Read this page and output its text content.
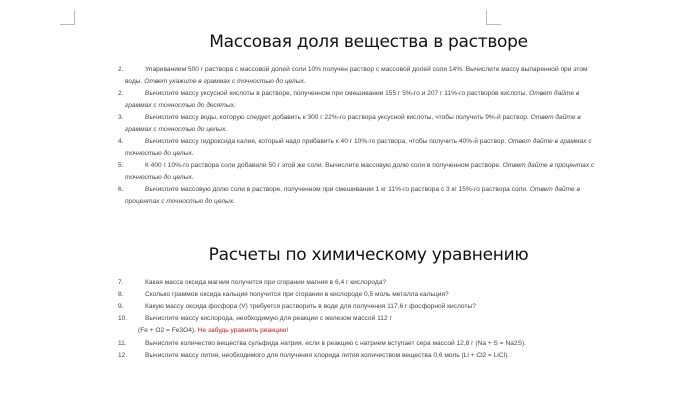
Массовая доля вещества в растворе
1.	Упариванием 500 г раствора с массовой долей соли 10% получен раствор с массовой долей соли 14%. Вычислите массу выпаренной при этом
воды. Ответ укажите в граммах с точностью до целых.
2.	Вычислите массу уксусной кислоты в растворе, полученном при смешивании 155 г 5%-го и 207 г 11%-го растворов кислоты. Ответ дайте в
граммах с точностью до десятых.
3.	Вычислите массу воды, которую следует добавить к 300 г 22%-го раствора уксусной кислоты, чтобы получить 9%-й раствор. Ответ дайте в
граммах с точностью до целых.
4.	Вычислите массу гидроксида калия, который надо прибавить к 40 г 10%-го раствора, чтобы получить 40%-й раствор. Ответ дайте в граммах с
точностью до целых.
5.	К 400 г 10%-го раствора соли добавили 50 г этой же соли. Вычислите массовую долю соли в полученном растворе. Ответ дайте в процентах с
точностью до целых.
6.	Вычислите массовую долю соли в растворе, полученном при смешивании 1 кг 11%-го раствора с 3 кг 15%-го раствора соли. Ответ дайте в
процентах с точностью до целых.
Расчеты по химическому уравнению
7.	Какая масса оксида магния получится при сгорании магния в 6,4 г кислорода?
8.	Сколько граммов оксида кальция получится при сгорании в кислороде 0,5 моль металла кальция?
9.	Какую массу оксида фосфора (V) требуется растворить в воде для получения 117,6 г фосфорной кислоты?
10.	Вычислите массу кислорода, необходимую для реакции с железом массой 112 г
(Fe + O2 = Fe3O4). Не забудь уравнять реакцию!
11.	Вычислите количество вещества сульфида натрия, если в реакцию с натрием вступает сера массой 12,8 г (Na + S = Na2S).
12.	Вычислите массу лития, необходимого для получения хлорида лития количеством вещества 0,6 моль (Li + Cl2 = LiCl).
